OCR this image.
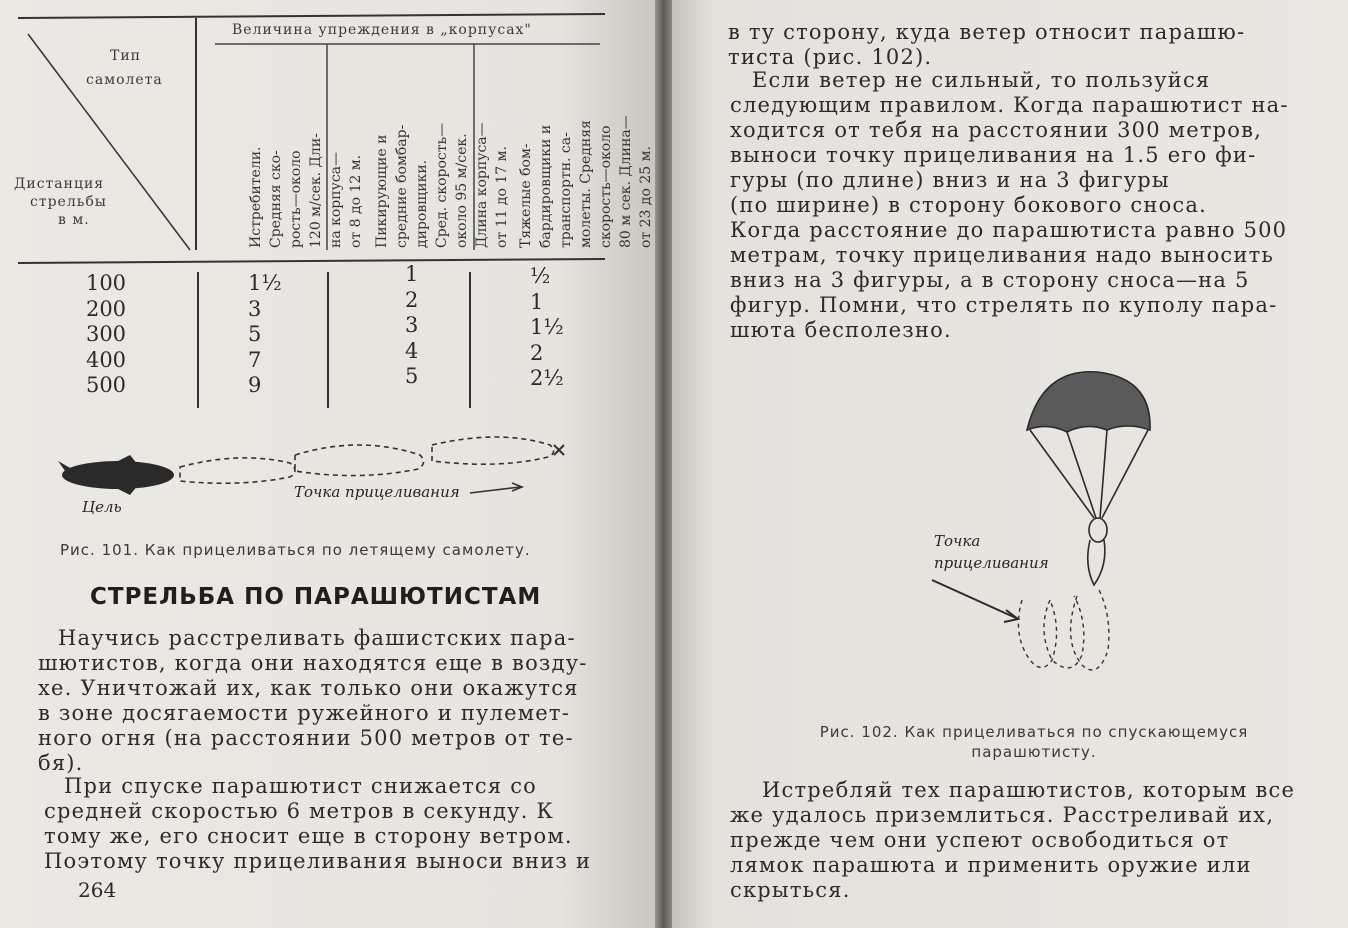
Величина упреждения в „корпусах"
Тип
самолета
Дистанция
стрельбы
в м.

	Истребители. Средняя ско- рость—около 120 м/сек. Дли- на корпуса— от 8 до 12 м.

Пикирующие и средние бомбар- дировщики. Сред. скорость— около 95 м/сек. Длина корпуса— от 11 до 17 м.

Тяжелые бом- бардировщики и транспортн. са- молеты. Средняя скорость—около 80 м сек. Длина— от 23 до 25 м.

100
200
300
400
500
1½
3
5
7
9
1
2
3
4
5
½
1
1½
2
2½
Цель
Точка прицеливания
Рис. 101. Как прицеливаться по летящему самолету.
СТРЕЛЬБА ПО ПАРАШЮТИСТАМ
Научись расстреливать фашистских пара-
шютистов, когда они находятся еще в возду-
хе. Уничтожай их, как только они окажутся
в зоне досягаемости ружейного и пулемет-
ного огня (на расстоянии 500 метров от те-
бя).
При спуске парашютист снижается со
средней скоростью 6 метров в секунду. К
тому же, его сносит еще в сторону ветром.
Поэтому точку прицеливания выноси вниз и
264
в ту сторону, куда ветер относит парашю-
тиста (рис. 102).
Если ветер не сильный, то пользуйся
следующим правилом. Когда парашютист на-
ходится от тебя на расстоянии 300 метров,
выноси точку прицеливания на 1.5 его фи-
гуры (по длине) вниз и на 3 фигуры
(по ширине) в сторону бокового сноса.
Когда расстояние до парашютиста равно 500
метрам, точку прицеливания надо выносить
вниз на 3 фигуры, а в сторону сноса—на 5
фигур. Помни, что стрелять по куполу пара-
шюта бесполезно.
Точка
прицеливания
Рис. 102. Как прицеливаться по спускающемуся
парашютисту.
Истребляй тех парашютистов, которым все
же удалось приземлиться. Расстреливай их,
прежде чем они успеют освободиться от
лямок парашюта и применить оружие или
скрыться.
